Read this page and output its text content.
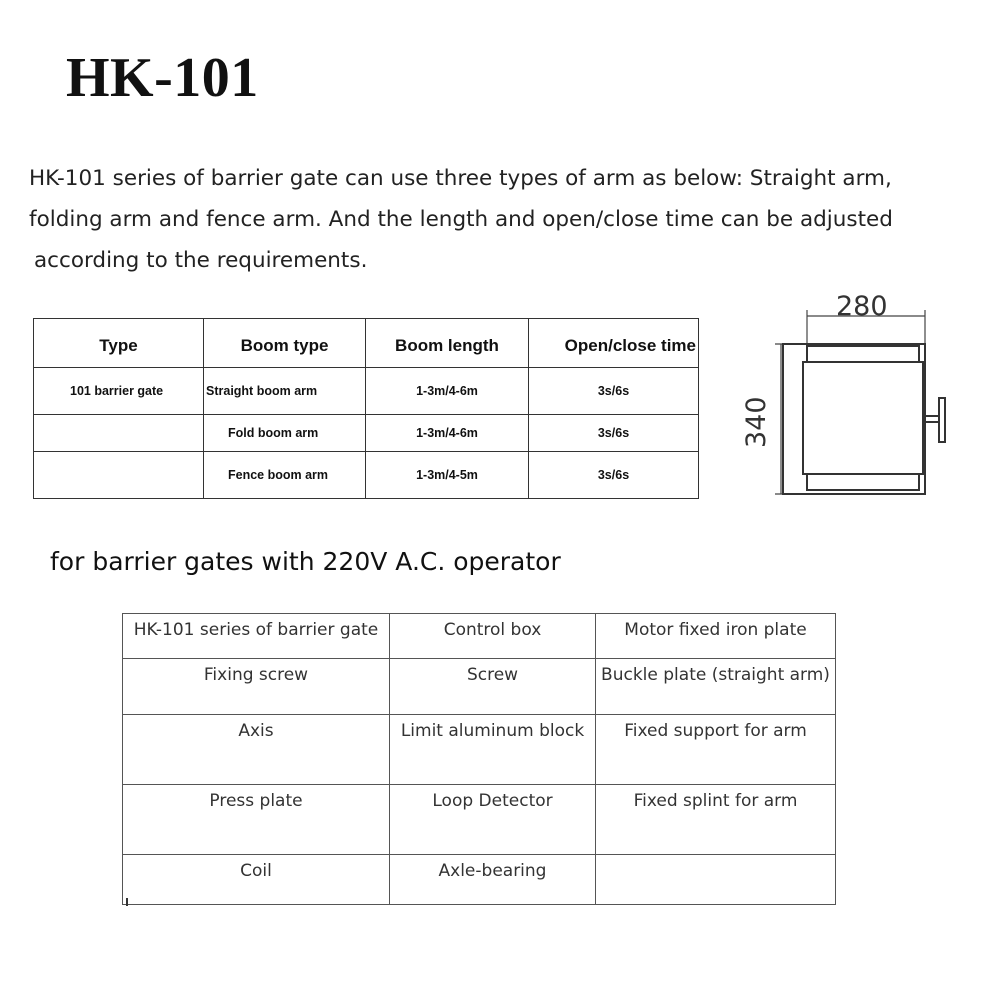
HK-101

HK-101 series of barrier gate can use three types of arm as below: Straight arm,
folding arm and fence arm. And the length and open/close time can be adjusted
according to the requirements.

Type	Boom type	Boom length	Open/close time
101 barrier gate	Straight boom arm	1-3m/4-6m	3s/6s
	Fold boom arm	1-3m/4-6m	3s/6s
	Fence boom arm	1-3m/4-5m	3s/6s
280
340

for barrier gates with 220V A.C. operator

HK-101 series of barrier gate	Control box	Motor fixed iron plate
Fixing screw	Screw	Buckle plate (straight arm)
Axis	Limit aluminum block	Fixed support for arm
Press plate	Loop Detector	Fixed splint for arm
Coil	Axle-bearing	
